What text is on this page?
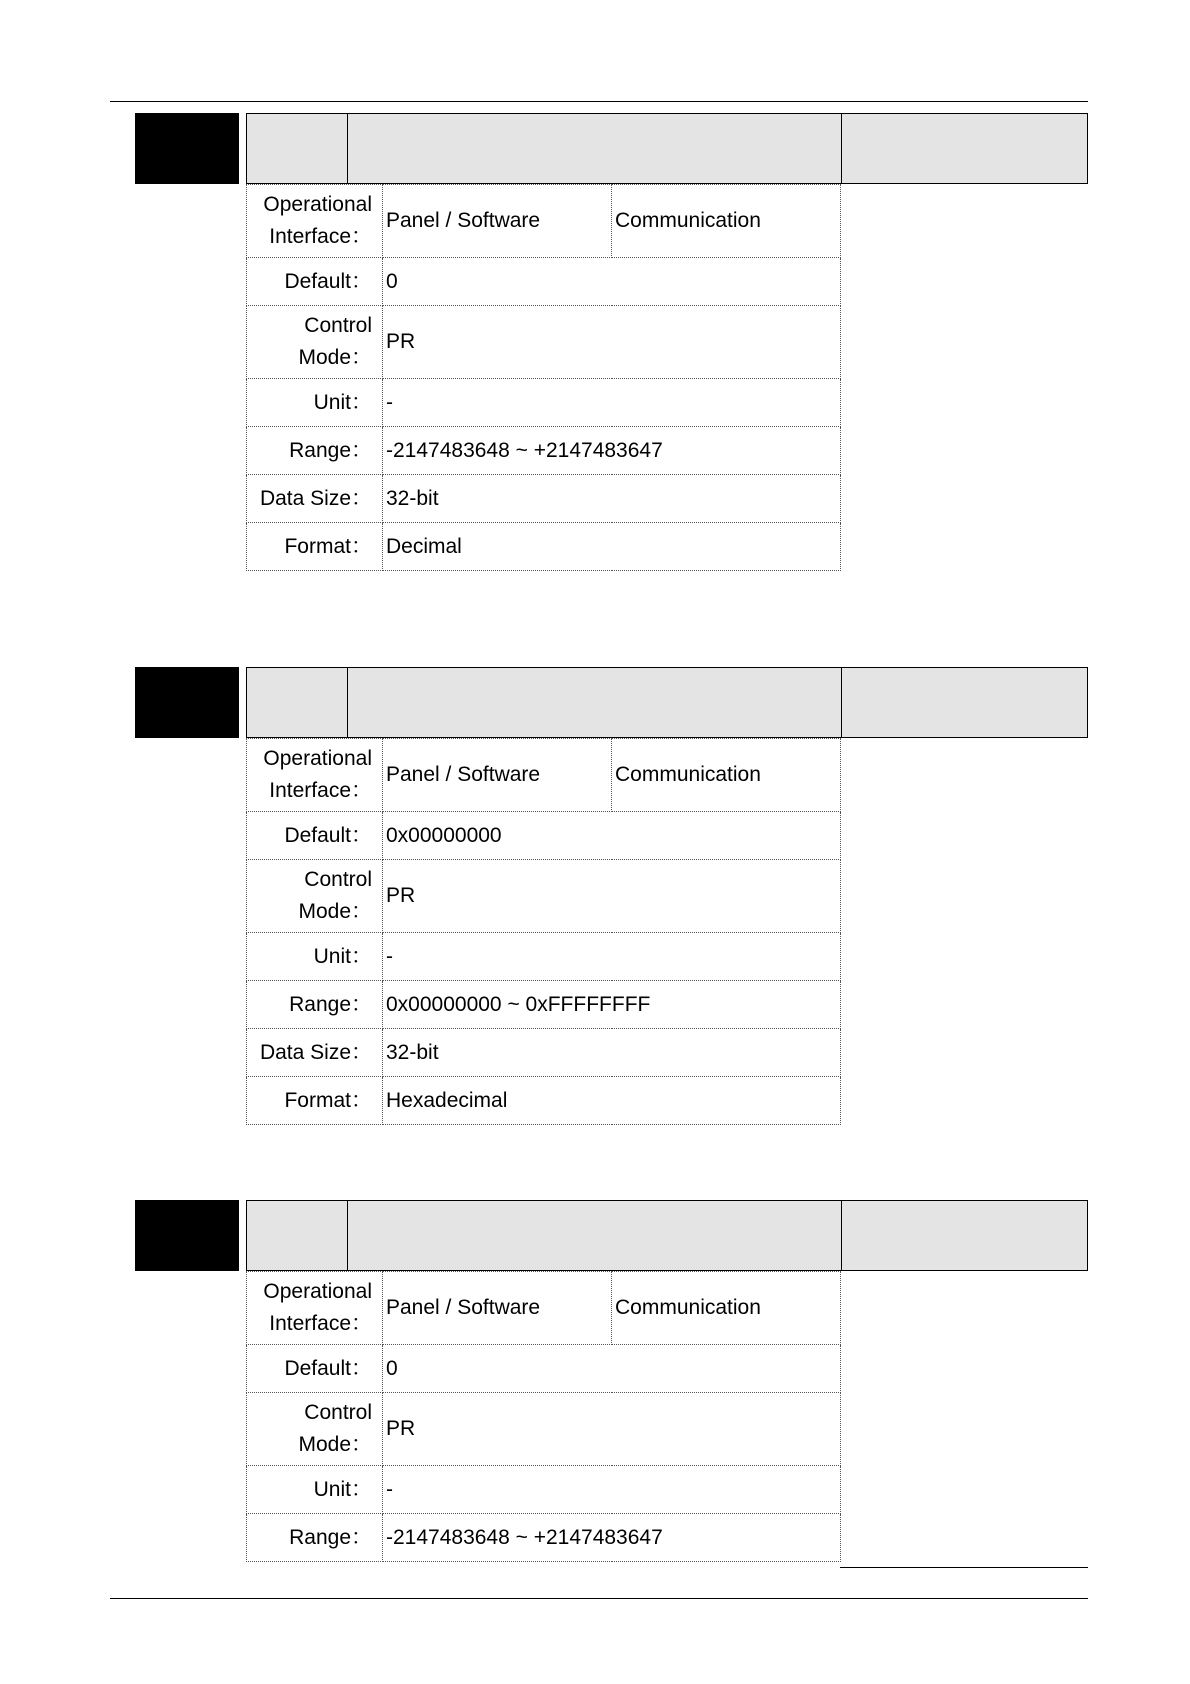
Operational
Interface：	Panel / Software	Communication
Default：	0	

Control
Mode：	PR	
Unit：	-	
Range：	-2147483648 ~ +2147483647	
Data Size：	32-bit	
Format：	Decimal	
Operational
Interface：	Panel / Software	Communication
Default：	0x00000000	

Control
Mode：	PR	
Unit：	-	
Range：	0x00000000 ~ 0xFFFFFFFF	
Data Size：	32-bit	
Format：	Hexadecimal	
Operational
Interface：	Panel / Software	Communication
Default：	0	

Control
Mode：	PR	
Unit：	-	
Range：	-2147483648 ~ +2147483647	
